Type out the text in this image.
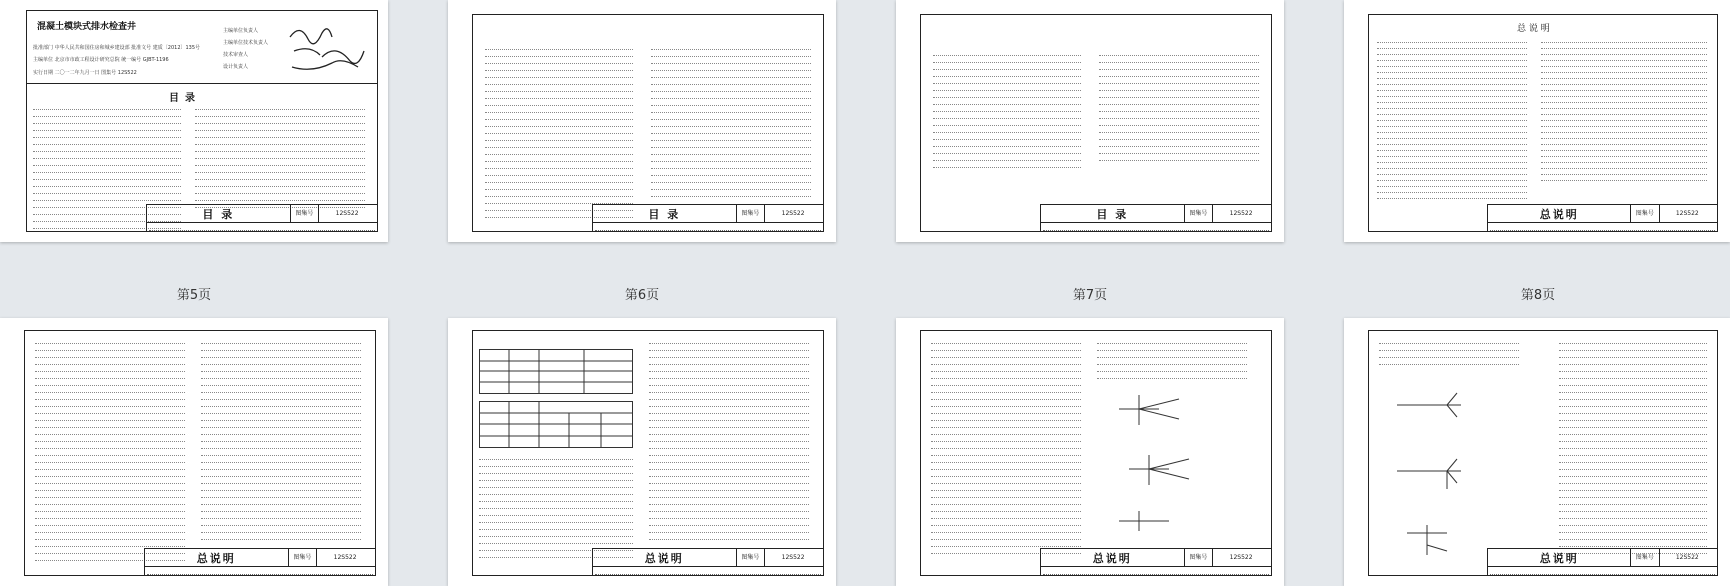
混凝土模块式排水检查井
批准部门 中华人民共和国住房和城乡建设部 批准文号 建质〔2012〕135号
主编单位 北京市市政工程设计研究总院 统一编号 GJBT-1196
实行日期 二〇一二年九月一日 图集号 12S522
主编单位负责人
主编单位技术负责人
技术审查人
设计负责人
目录
目 录	图集号	12S522	目 录	图集号	12S522	目 录	图集号	12S522
总 说 明
总说明	图集号	12S522
第5页	第6页	第7页	第8页
总说明	图集号	12S522	总说明	图集号	12S522	总说明	图集号	12S522	总说明	图集号	12S522
